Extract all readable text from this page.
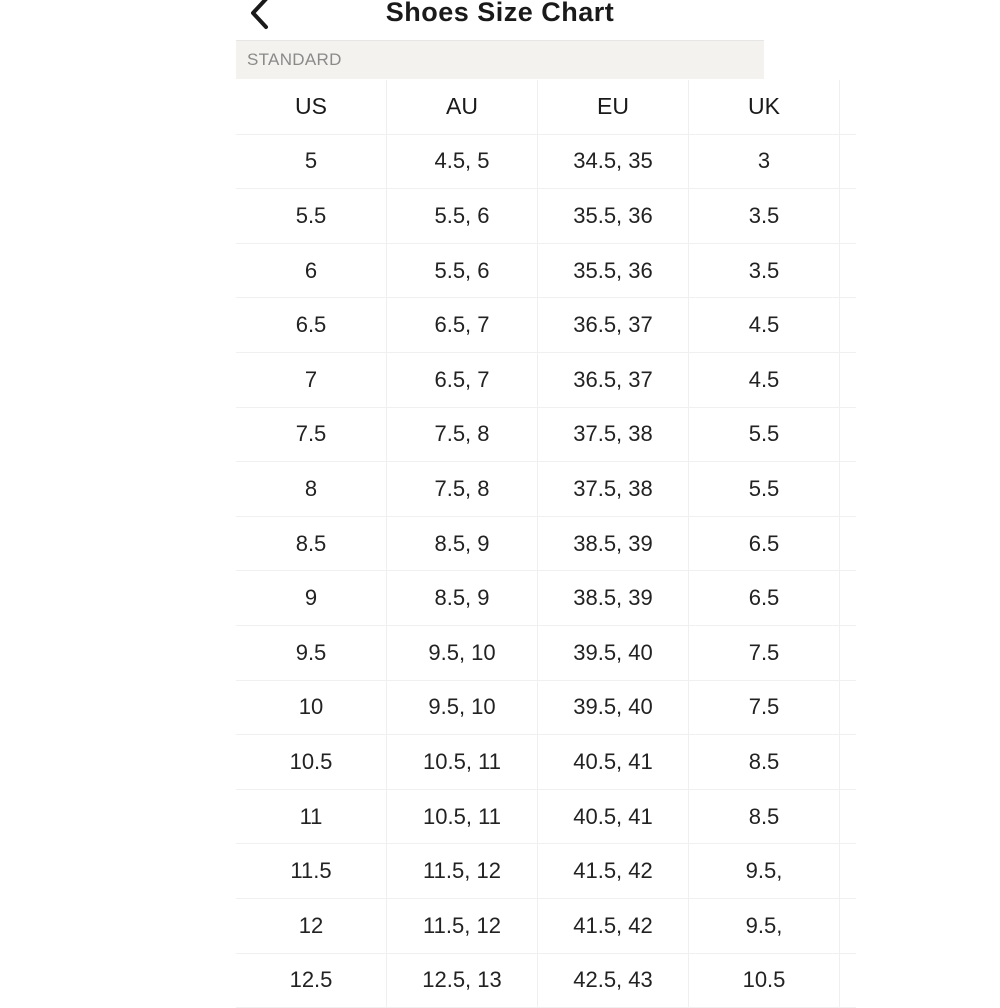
Shoes Size Chart
STANDARD
US	AU	EU	UK
5	4.5, 5	34.5, 35	3
5.5	5.5, 6	35.5, 36	3.5
6	5.5, 6	35.5, 36	3.5
6.5	6.5, 7	36.5, 37	4.5
7	6.5, 7	36.5, 37	4.5
7.5	7.5, 8	37.5, 38	5.5
8	7.5, 8	37.5, 38	5.5
8.5	8.5, 9	38.5, 39	6.5
9	8.5, 9	38.5, 39	6.5
9.5	9.5, 10	39.5, 40	7.5
10	9.5, 10	39.5, 40	7.5
10.5	10.5, 11	40.5, 41	8.5
11	10.5, 11	40.5, 41	8.5
11.5	11.5, 12	41.5, 42	9.5,
12	11.5, 12	41.5, 42	9.5,
12.5	12.5, 13	42.5, 43	10.5
